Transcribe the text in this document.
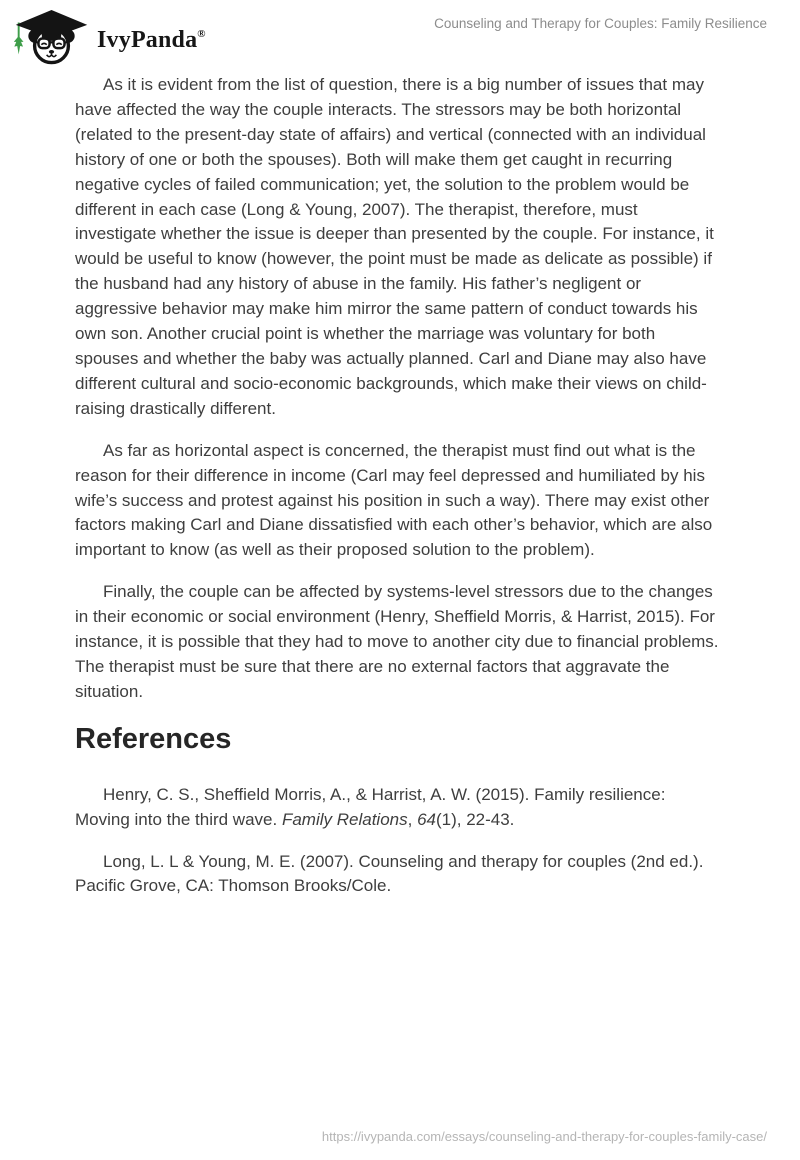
IvyPanda®
Counseling and Therapy for Couples: Family Resilience

As it is evident from the list of question, there is a big number of issues that may have affected the way the couple interacts. The stressors may be both horizontal (related to the present-day state of affairs) and vertical (connected with an individual history of one or both the spouses). Both will make them get caught in recurring negative cycles of failed communication; yet, the solution to the problem would be different in each case (Long & Young, 2007). The therapist, therefore, must investigate whether the issue is deeper than presented by the couple. For instance, it would be useful to know (however, the point must be made as delicate as possible) if the husband had any history of abuse in the family. His father’s negligent or aggressive behavior may make him mirror the same pattern of conduct towards his own son. Another crucial point is whether the marriage was voluntary for both spouses and whether the baby was actually planned. Carl and Diane may also have different cultural and socio-economic backgrounds, which make their views on child-raising drastically different.

As far as horizontal aspect is concerned, the therapist must find out what is the reason for their difference in income (Carl may feel depressed and humiliated by his wife’s success and protest against his position in such a way). There may exist other factors making Carl and Diane dissatisfied with each other’s behavior, which are also important to know (as well as their proposed solution to the problem).

Finally, the couple can be affected by systems-level stressors due to the changes in their economic or social environment (Henry, Sheffield Morris, & Harrist, 2015). For instance, it is possible that they had to move to another city due to financial problems. The therapist must be sure that there are no external factors that aggravate the situation.

References

Henry, C. S., Sheffield Morris, A., & Harrist, A. W. (2015). Family resilience: Moving into the third wave. Family Relations, 64(1), 22-43.

Long, L. L & Young, M. E. (2007). Counseling and therapy for couples (2nd ed.). Pacific Grove, CA: Thomson Brooks/Cole.

https://ivypanda.com/essays/counseling-and-therapy-for-couples-family-case/
